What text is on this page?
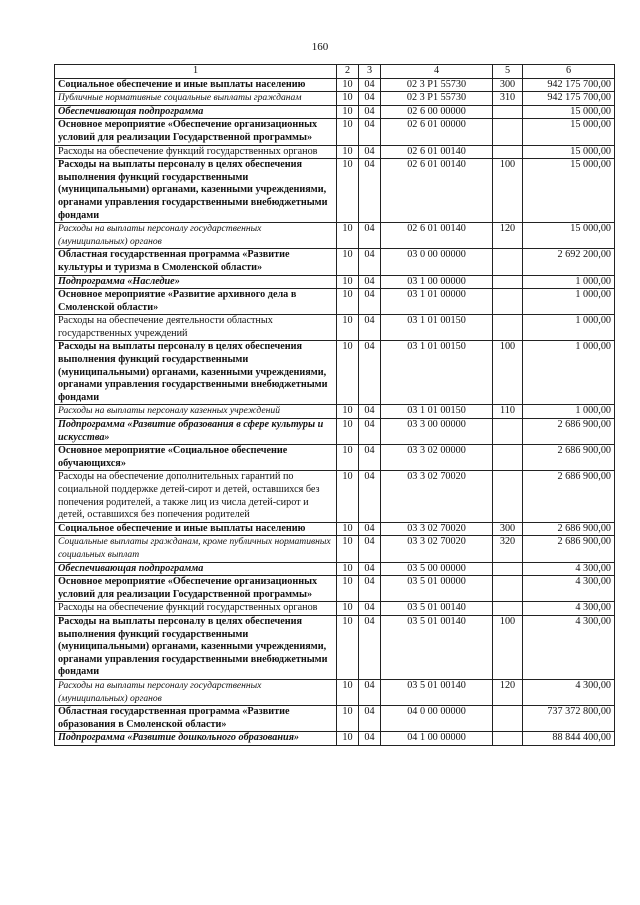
160
1	2	3	4	5	6
Социальное обеспечение и иные выплаты населению	10	04	02 3 P1 55730	300	942 175 700,00
Публичные нормативные социальные выплаты гражданам	10	04	02 3 P1 55730	310	942 175 700,00
Обеспечивающая подпрограмма	10	04	02 6 00 00000		15 000,00
Основное мероприятие «Обеспечение организационных условий для реализации Государственной программы»	10	04	02 6 01 00000		15 000,00
Расходы на обеспечение функций государственных органов	10	04	02 6 01 00140		15 000,00
Расходы на выплаты персоналу в целях обеспечения выполнения функций государственными (муниципальными) органами, казенными учреждениями, органами управления государственными внебюджетными фондами	10	04	02 6 01 00140	100	15 000,00
Расходы на выплаты персоналу государственных (муниципальных) органов	10	04	02 6 01 00140	120	15 000,00
Областная государственная программа «Развитие культуры и туризма в Смоленской области»	10	04	03 0 00 00000		2 692 200,00
Подпрограмма «Наследие»	10	04	03 1 00 00000		1 000,00
Основное мероприятие «Развитие архивного дела в Смоленской области»	10	04	03 1 01 00000		1 000,00
Расходы на обеспечение деятельности областных государственных учреждений	10	04	03 1 01 00150		1 000,00
Расходы на выплаты персоналу в целях обеспечения выполнения функций государственными (муниципальными) органами, казенными учреждениями, органами управления государственными внебюджетными фондами	10	04	03 1 01 00150	100	1 000,00
Расходы на выплаты персоналу казенных учреждений	10	04	03 1 01 00150	110	1 000,00
Подпрограмма «Развитие образования в сфере культуры и искусства»	10	04	03 3 00 00000		2 686 900,00
Основное мероприятие «Социальное обеспечение обучающихся»	10	04	03 3 02 00000		2 686 900,00
Расходы на обеспечение дополнительных гарантий по социальной поддержке детей-сирот и детей, оставшихся без попечения родителей, а также лиц из числа детей-сирот и детей, оставшихся без попечения родителей	10	04	03 3 02 70020		2 686 900,00
Социальное обеспечение и иные выплаты населению	10	04	03 3 02 70020	300	2 686 900,00
Социальные выплаты гражданам, кроме публичных нормативных социальных выплат	10	04	03 3 02 70020	320	2 686 900,00
Обеспечивающая подпрограмма	10	04	03 5 00 00000		4 300,00
Основное мероприятие «Обеспечение организационных условий для реализации Государственной программы»	10	04	03 5 01 00000		4 300,00
Расходы на обеспечение функций государственных органов	10	04	03 5 01 00140		4 300,00
Расходы на выплаты персоналу в целях обеспечения выполнения функций государственными (муниципальными) органами, казенными учреждениями, органами управления государственными внебюджетными фондами	10	04	03 5 01 00140	100	4 300,00
Расходы на выплаты персоналу государственных (муниципальных) органов	10	04	03 5 01 00140	120	4 300,00
Областная государственная программа «Развитие образования в Смоленской области»	10	04	04 0 00 00000		737 372 800,00
Подпрограмма «Развитие дошкольного образования»	10	04	04 1 00 00000		88 844 400,00
